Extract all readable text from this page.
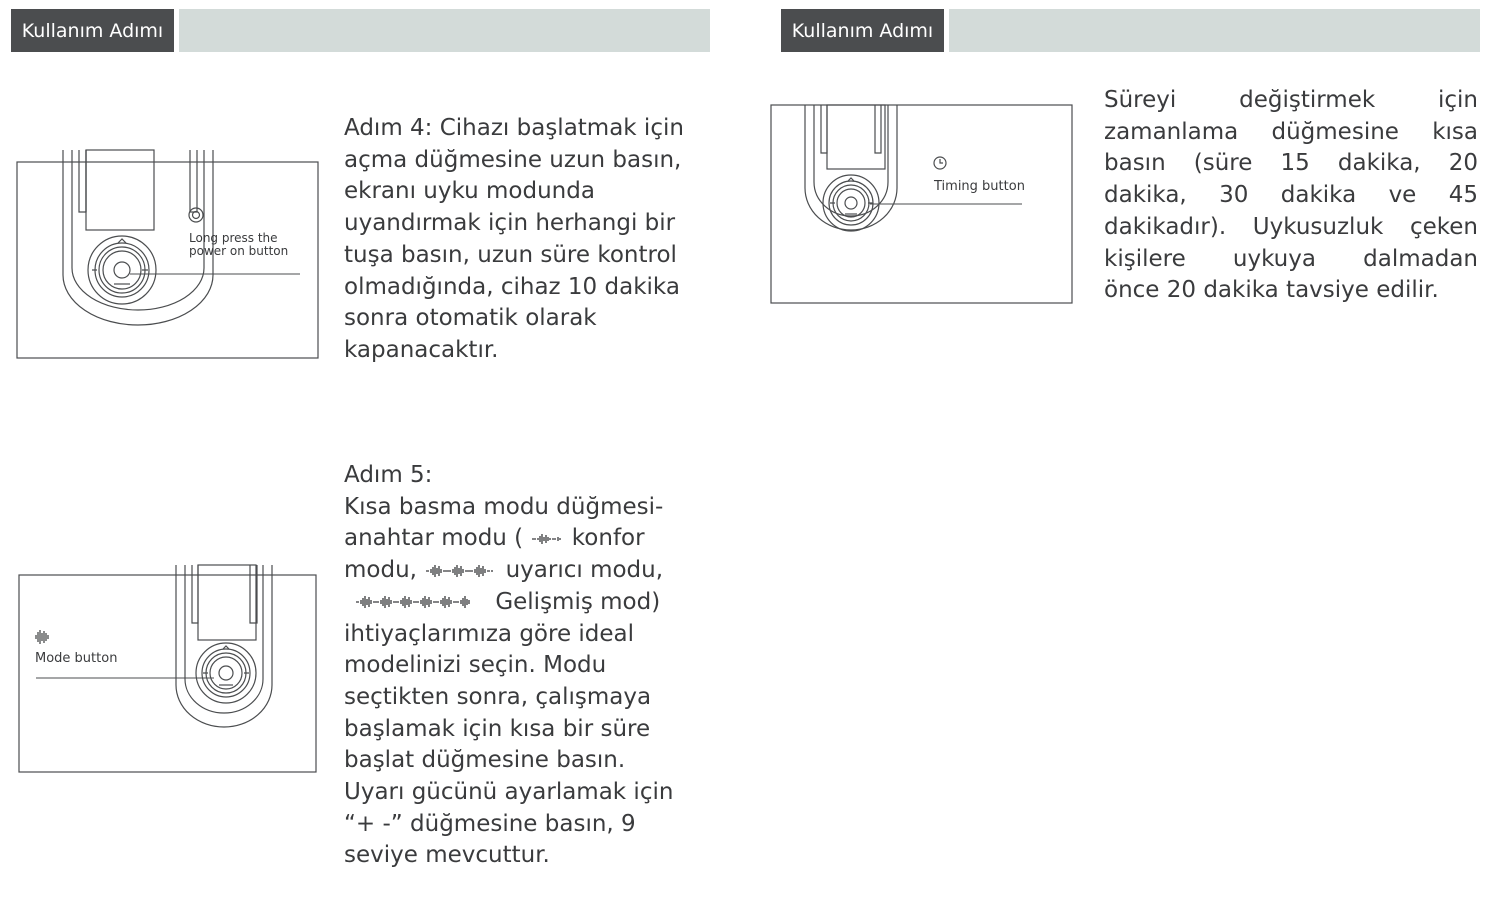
Kullanım Adımı	Kullanım Adımı
Long press the
power on button
Adım 4: Cihazı başlatmak için
açma düğmesine uzun basın,
ekranı uyku modunda
uyandırmak için herhangi bir
tuşa basın, uzun süre kontrol
olmadığında, cihaz 10 dakika
sonra otomatik olarak
kapanacaktır.
Mode button
Adım 5:
Kısa basma modu düğmesi-
anahtar modu ( konfor
modu,	uyarıcı modu,
Gelişmiş mod)
ihtiyaçlarımıza göre ideal
modelinizi seçin. Modu
seçtikten sonra, çalışmaya
başlamak için kısa bir süre
başlat düğmesine basın.
Uyarı gücünü ayarlamak için
“+ -” düğmesine basın, 9
seviye mevcuttur.
Timing button
Süreyi değiştirmek için
zamanlama düğmesine kısa
basın (süre 15 dakika, 20
dakika, 30 dakika ve 45
dakikadır). Uykusuzluk çeken
kişilere uykuya dalmadan
önce 20 dakika tavsiye edilir.
